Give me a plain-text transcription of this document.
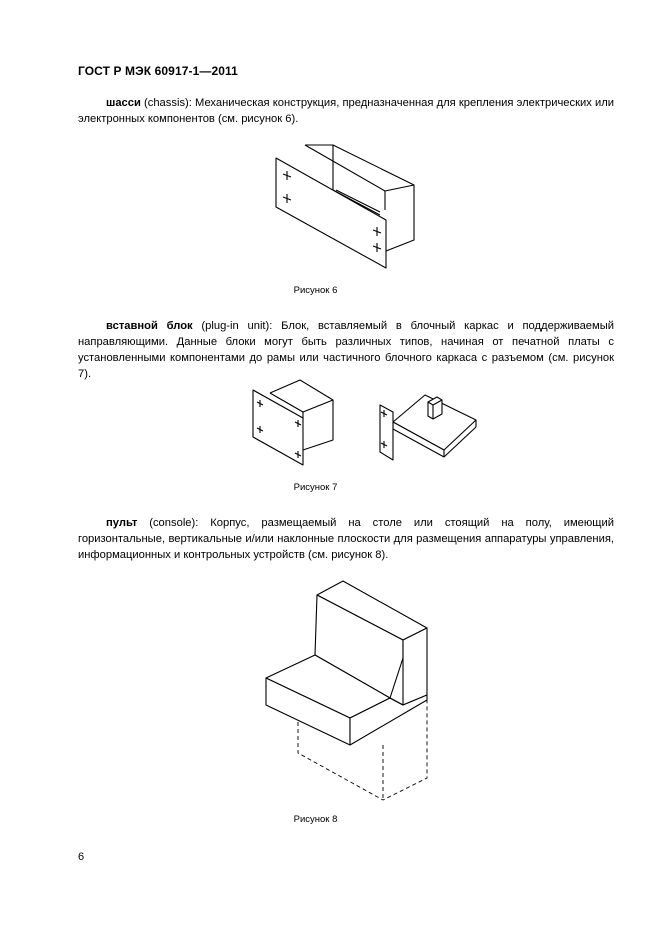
ГОСТ Р МЭК 60917-1—2011
шасси (chassis): Механическая конструкция, предназначенная для крепления электрических или электронных компонентов (см. рисунок 6).
Рисунок 6
вставной блок (plug-in unit): Блок, вставляемый в блочный каркас и поддерживаемый направляющими. Данные блоки могут быть различных типов, начиная от печатной платы с установленными компонентами до рамы или частичного блочного каркаса с разъемом (см. рисунок 7).
Рисунок 7
пульт (console): Корпус, размещаемый на столе или стоящий на полу, имеющий горизонтальные, вертикальные и/или наклонные плоскости для размещения аппаратуры управления, информационных и контрольных устройств (см. рисунок 8).
Рисунок 8
6
